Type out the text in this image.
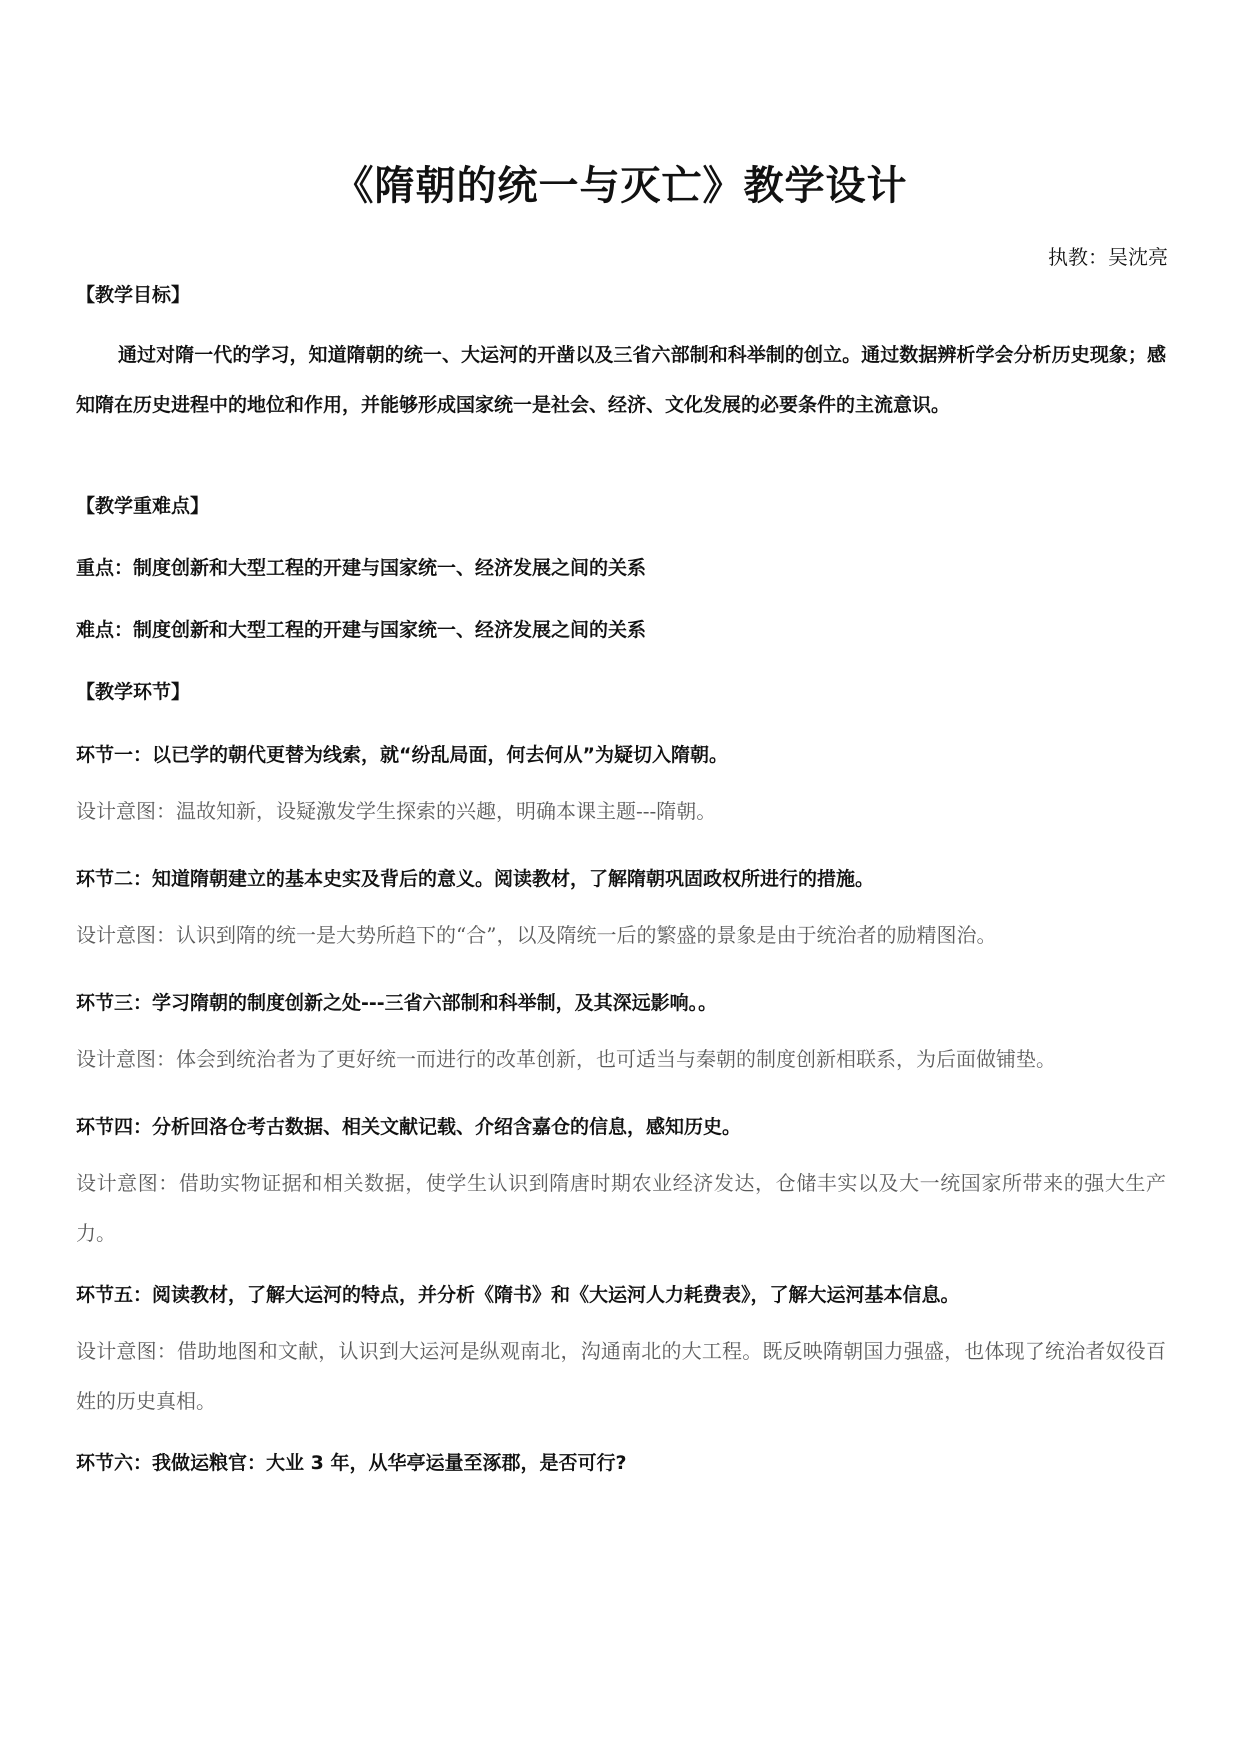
《隋朝的统一与灭亡》教学设计
执教：吴沈亮
【教学目标】

通过对隋一代的学习，知道隋朝的统一、大运河的开凿以及三省六部制和科举制的创立。通过数据辨析学会分析历史现象；感知隋在历史进程中的地位和作用，并能够形成国家统一是社会、经济、文化发展的必要条件的主流意识。

【教学重难点】
重点：制度创新和大型工程的开建与国家统一、经济发展之间的关系
难点：制度创新和大型工程的开建与国家统一、经济发展之间的关系
【教学环节】
环节一：以已学的朝代更替为线索，就“纷乱局面，何去何从”为疑切入隋朝。

设计意图：温故知新，设疑激发学生探索的兴趣，明确本课主题---隋朝。

环节二：知道隋朝建立的基本史实及背后的意义。阅读教材，了解隋朝巩固政权所进行的措施。

设计意图：认识到隋的统一是大势所趋下的“合”，以及隋统一后的繁盛的景象是由于统治者的励精图治。

环节三：学习隋朝的制度创新之处---三省六部制和科举制，及其深远影响。。

设计意图：体会到统治者为了更好统一而进行的改革创新，也可适当与秦朝的制度创新相联系，为后面做铺垫。

环节四：分析回洛仓考古数据、相关文献记载、介绍含嘉仓的信息，感知历史。

设计意图：借助实物证据和相关数据，使学生认识到隋唐时期农业经济发达，仓储丰实以及大一统国家所带来的强大生产力。

环节五：阅读教材，了解大运河的特点，并分析《隋书》和《大运河人力耗费表》，了解大运河基本信息。

设计意图：借助地图和文献，认识到大运河是纵观南北，沟通南北的大工程。既反映隋朝国力强盛，也体现了统治者奴役百姓的历史真相。

环节六：我做运粮官：大业 3 年，从华亭运量至涿郡，是否可行?
